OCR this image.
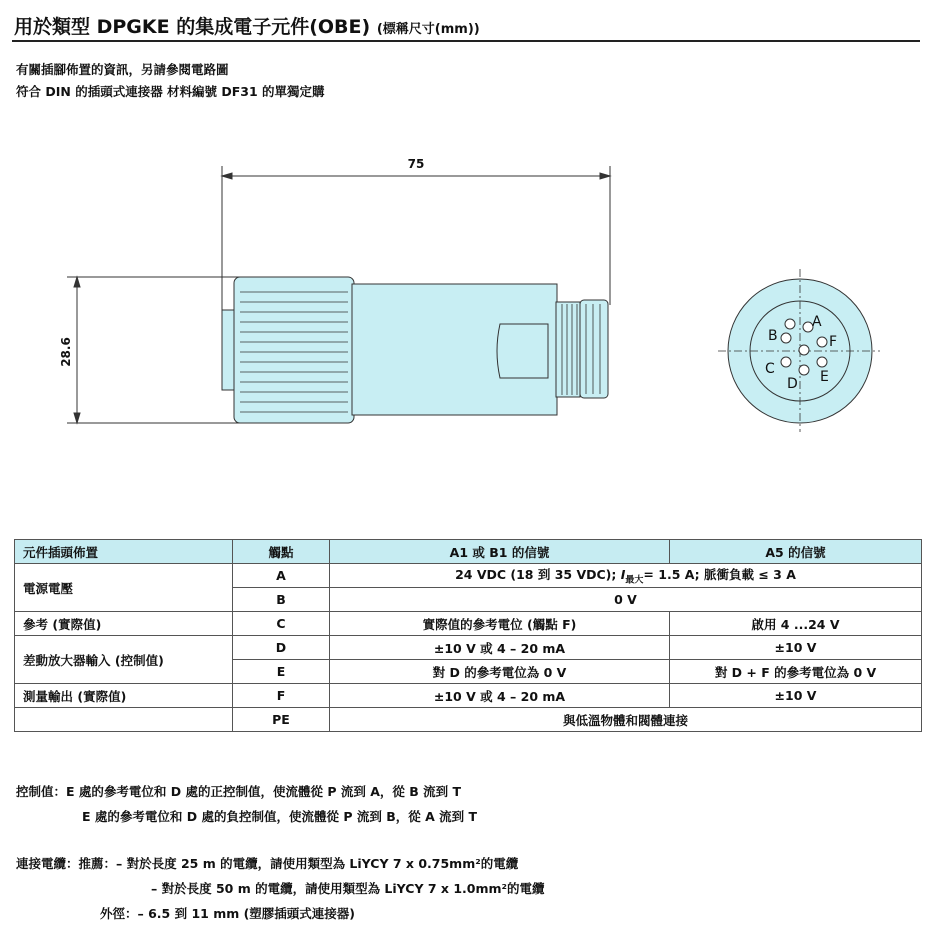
用於類型 DPGKE 的集成電子元件(OBE) (標稱尺寸(mm))
有關插腳佈置的資訊，另請參閱電路圖
符合 DIN 的插頭式連接器 材料編號 DF31 的單獨定購
75
28.6
A
B
C
D E
F
元件插頭佈置	觸點	A1 或 B1 的信號	A5 的信號
電源電壓	A	24 VDC (18 到 35 VDC); $I_{最大}= 1.5$ A; 脈衝負載 ≤ 3 A	
	B	0 V	
參考 (實際值)	C	實際值的參考電位 (觸點 F)	啟用 4 ...24 V
差動放大器輸入 (控制值)	D	±10 V 或 4 – 20 mA	±10 V
	E	對 D 的參考電位為 0 V	對 D + F 的參考電位為 0 V
測量輸出 (實際值)	F	±10 V 或 4 – 20 mA	±10 V
	PE	與低溫物體和閥體連接	
控制值：E 處的參考電位和 D 處的正控制值，使流體從 P 流到 A，從 B 流到 T
E 處的參考電位和 D 處的負控制值，使流體從 P 流到 B，從 A 流到 T
連接電纜：推薦：– 對於長度 25 m 的電纜，請使用類型為 LiYCY 7 x 0.75mm²的電纜
– 對於長度 50 m 的電纜，請使用類型為 LiYCY 7 x 1.0mm²的電纜
外徑：– 6.5 到 11 mm (塑膠插頭式連接器)
